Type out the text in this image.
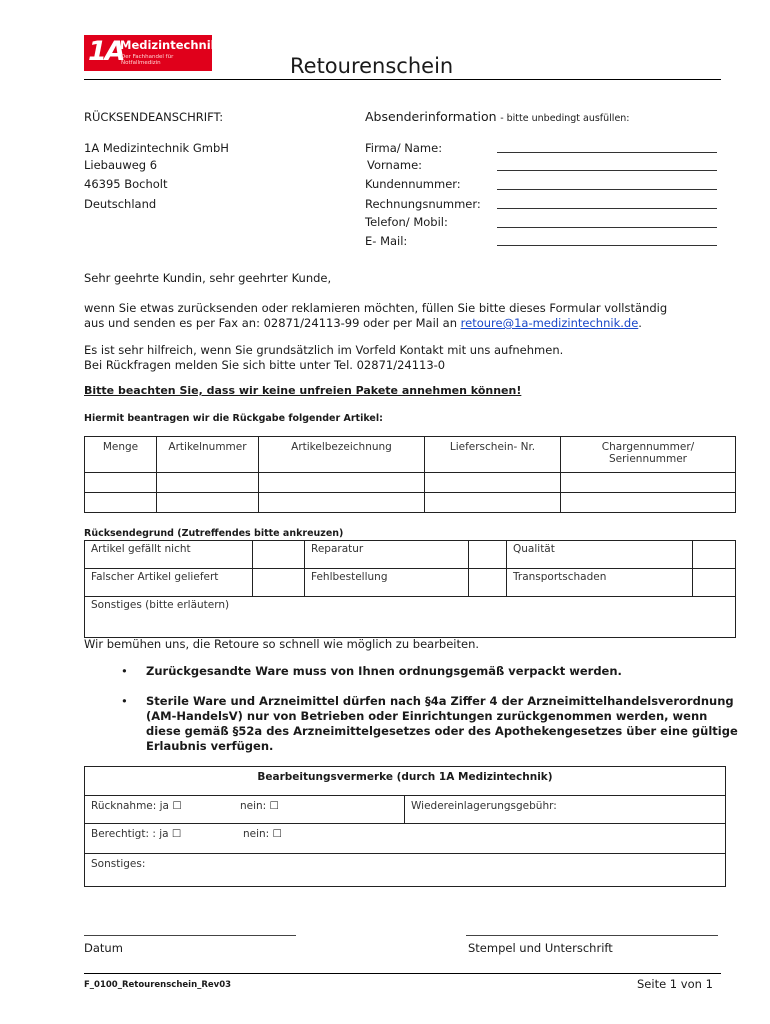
1A
Medizintechnik
Der Fachhandel für Notfallmedizin	Retourenschein
RÜCKSENDEANSCHRIFT:
1A Medizintechnik GmbH
Liebauweg 6
46395 Bocholt
Deutschland
Absenderinformation - bitte unbedingt ausfüllen:
Firma/ Name:
Vorname:
Kundennummer:
Rechnungsnummer:
Telefon/ Mobil:
E- Mail:
Sehr geehrte Kundin, sehr geehrter Kunde,
wenn Sie etwas zurücksenden oder reklamieren möchten, füllen Sie bitte dieses Formular vollständig
aus und senden es per Fax an: 02871/24113-99 oder per Mail an retoure@1a-medizintechnik.de.
Es ist sehr hilfreich, wenn Sie grundsätzlich im Vorfeld Kontakt mit uns aufnehmen.
Bei Rückfragen melden Sie sich bitte unter Tel. 02871/24113-0
Bitte beachten Sie, dass wir keine unfreien Pakete annehmen können!
Hiermit beantragen wir die Rückgabe folgender Artikel:
Menge	Artikelnummer	Artikelbezeichnung	Lieferschein- Nr.	Chargennummer/
Seriennummer

Rücksendegrund (Zutreffendes bitte ankreuzen)
Artikel gefällt nicht		Reparatur		Qualität	
Falscher Artikel geliefert		Fehlbestellung		Transportschaden	
Sonstiges (bitte erläutern)					
Wir bemühen uns, die Retoure so schnell wie möglich zu bearbeiten.
• Zurückgesandte Ware muss von Ihnen ordnungsgemäß verpackt werden.
• Sterile Ware und Arzneimittel dürfen nach §4a Ziffer 4 der Arzneimittelhandelsverordnung
(AM-HandelsV) nur von Betrieben oder Einrichtungen zurückgenommen werden, wenn
diese gemäß §52a des Arzneimittelgesetzes oder des Apothekengesetzes über eine gültige
Erlaubnis verfügen.
Bearbeitungsvermerke (durch 1A Medizintechnik)
Rücknahme: ja ☐	nein: ☐	Wiedereinlagerungsgebühr:
Berechtigt: : ja ☐	nein: ☐

Sonstiges:
Datum	Stempel und Unterschrift
F_0100_Retourenschein_Rev03	Seite 1 von 1
